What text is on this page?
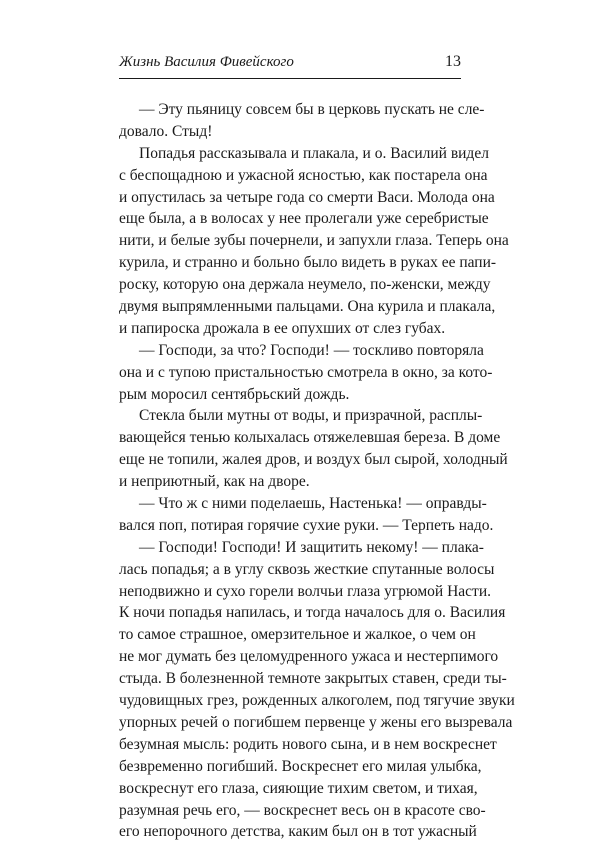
Жизнь Василия Фивейского	13
— Эту пьяницу совсем бы в церковь пускать не сле-
довало. Стыд!
Попадья рассказывала и плакала, и о. Василий видел
с беспощадною и ужасной ясностью, как постарела она
и опустилась за четыре года со смерти Васи. Молода она
еще была, а в волосах у нее пролегали уже серебристые
нити, и белые зубы почернели, и запухли глаза. Теперь она
курила, и странно и больно было видеть в руках ее папи-
роску, которую она держала неумело, по-женски, между
двумя выпрямленными пальцами. Она курила и плакала,
и папироска дрожала в ее опухших от слез губах.
— Господи, за что? Господи! — тоскливо повторяла
она и с тупою пристальностью смотрела в окно, за кото-
рым моросил сентябрьский дождь.
Стекла были мутны от воды, и призрачной, расплы-
вающейся тенью колыхалась отяжелевшая береза. В доме
еще не топили, жалея дров, и воздух был сырой, холодный
и неприютный, как на дворе.
— Что ж с ними поделаешь, Настенька! — оправды-
вался поп, потирая горячие сухие руки. — Терпеть надо.
— Господи! Господи! И защитить некому! — плака-
лась попадья; а в углу сквозь жесткие спутанные волосы
неподвижно и сухо горели волчьи глаза угрюмой Насти.
К ночи попадья напилась, и тогда началось для о. Василия
то самое страшное, омерзительное и жалкое, о чем он
не мог думать без целомудренного ужаса и нестерпимого
стыда. В болезненной темноте закрытых ставен, среди ты-
чудовищных грез, рожденных алкоголем, под тягучие звуки
упорных речей о погибшем первенце у жены его вызревала
безумная мысль: родить нового сына, и в нем воскреснет
безвременно погибший. Воскреснет его милая улыбка,
воскреснут его глаза, сияющие тихим светом, и тихая,
разумная речь его, — воскреснет весь он в красоте сво-
его непорочного детства, каким был он в тот ужасный
